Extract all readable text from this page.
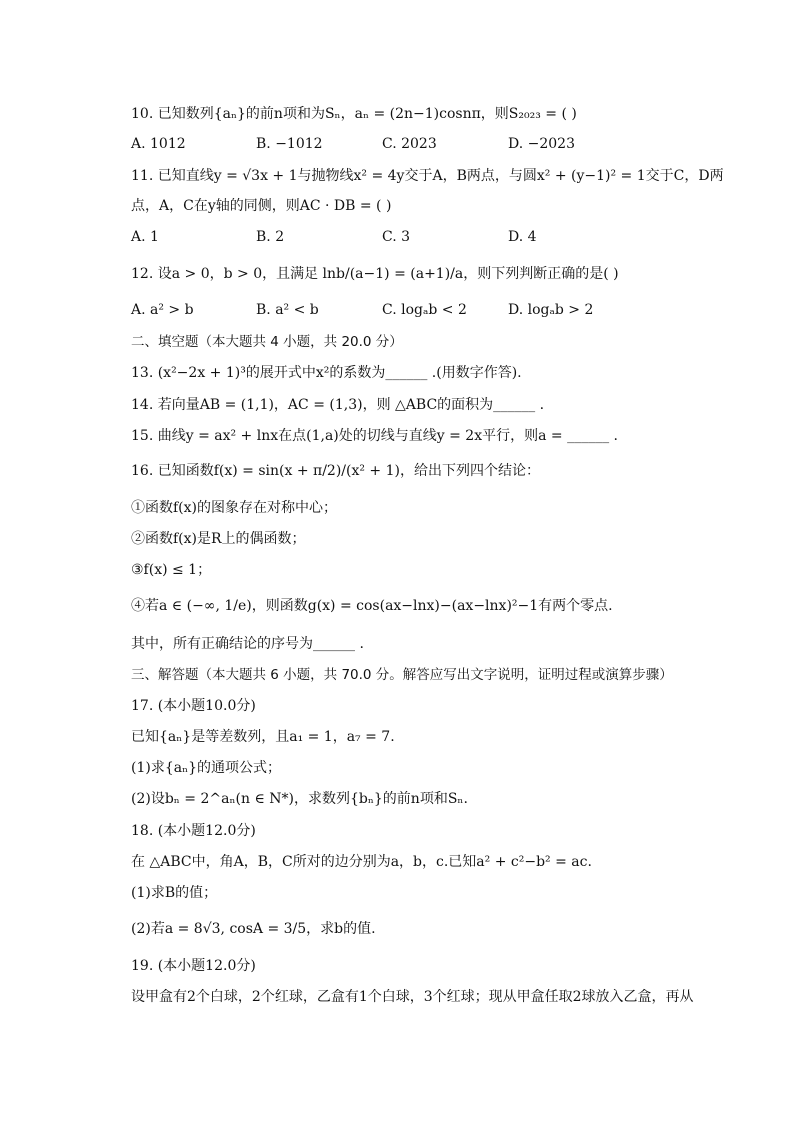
10. 已知数列{aₙ}的前n项和为Sₙ，aₙ = (2n−1)cosnπ，则S₂₀₂₃ = ( )
A. 1012	B. −1012	C. 2023	D. −2023
11. 已知直线y = √3x + 1与抛物线x² = 4y交于A，B两点，与圆x² + (y−1)² = 1交于C，D两
点，A，C在y轴的同侧，则AC · DB = ( )
A. 1	B. 2	C. 3	D. 4
12. 设a > 0，b > 0，且满足 lnb/(a−1) = (a+1)/a，则下列判断正确的是( )
A. a² > b	B. a² < b	C. logₐb < 2	D. logₐb > 2
二、填空题（本大题共 4 小题，共 20.0 分）
13. (x²−2x + 1)³的展开式中x²的系数为______ .(用数字作答).
14. 若向量AB = (1,1)，AC = (1,3)，则 △ABC的面积为______ .
15. 曲线y = ax² + lnx在点(1,a)处的切线与直线y = 2x平行，则a = ______ .
16. 已知函数f(x) = sin(x + π/2)/(x² + 1)，给出下列四个结论：
①函数f(x)的图象存在对称中心；
②函数f(x)是R上的偶函数；
③f(x) ≤ 1；
④若a ∈ (−∞, 1/e)，则函数g(x) = cos(ax−lnx)−(ax−lnx)²−1有两个零点.
其中，所有正确结论的序号为______ .
三、解答题（本大题共 6 小题，共 70.0 分。解答应写出文字说明，证明过程或演算步骤）
17. (本小题10.0分)
已知{aₙ}是等差数列，且a₁ = 1，a₇ = 7.
(1)求{aₙ}的通项公式；
(2)设bₙ = 2^aₙ(n ∈ N*)，求数列{bₙ}的前n项和Sₙ.
18. (本小题12.0分)
在 △ABC中，角A，B，C所对的边分别为a，b，c.已知a² + c²−b² = ac.
(1)求B的值；
(2)若a = 8√3, cosA = 3/5，求b的值.
19. (本小题12.0分)
设甲盒有2个白球，2个红球，乙盒有1个白球，3个红球；现从甲盒任取2球放入乙盒，再从
